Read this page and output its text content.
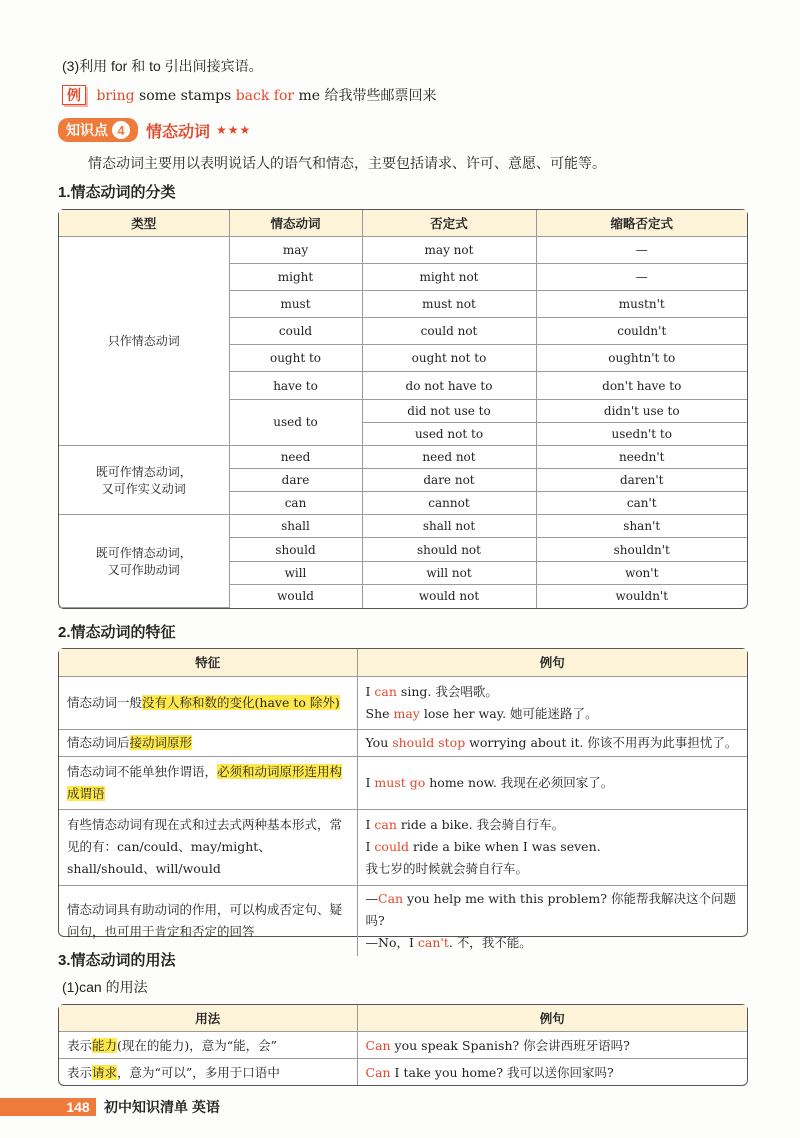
(3)利用 for 和 to 引出间接宾语。
例 bring some stamps back for me 给我带些邮票回来
知识点 4	情态动词 ★★★
情态动词主要用以表明说话人的语气和情态，主要包括请求、许可、意愿、可能等。
1.情态动词的分类
类型	情态动词	否定式	缩略否定式
只作情态动词	may	may not	—
	might	might not	—
	must	must not	mustn't
	could	could not	couldn't
	ought to	ought not to	oughtn't to
	have to	do not have to	don't have to
	used to	did not use to	didn't use to
		used not to	usedn't to

既可作情态动词，
又可作实义动词	need	need not	needn't
	dare	dare not	daren't
	can	cannot	can't

既可作情态动词，
又可作助动词	shall	shall not	shan't
	should	should not	shouldn't
	will	will not	won't
	would	would not	wouldn't
2.情态动词的特征
特征	例句
情态动词一般没有人称和数的变化(have to 除外)	I can sing. 我会唱歌。
She may lose her way. 她可能迷路了。

情态动词后接动词原形	You should stop worrying about it. 你该不用再为此事担忧了。
情态动词不能单独作谓语，必须和动词原形连用构成谓语	I must go home now. 我现在必须回家了。
有些情态动词有现在式和过去式两种基本形式，常见的有：can/could、may/might、shall/should、will/would	I can ride a bike. 我会骑自行车。
I could ride a bike when I was seven.
我七岁的时候就会骑自行车。

情态动词具有助动词的作用，可以构成否定句、疑问句，也可用于肯定和否定的回答	—Can you help me with this problem? 你能帮我解决这个问题吗?
—No，I can't. 不，我不能。
3.情态动词的用法
(1)can 的用法
用法	例句
表示能力(现在的能力)，意为“能，会”	Can you speak Spanish? 你会讲西班牙语吗?
表示请求，意为“可以”，多用于口语中	Can I take you home? 我可以送你回家吗?
148	初中知识清单 英语
